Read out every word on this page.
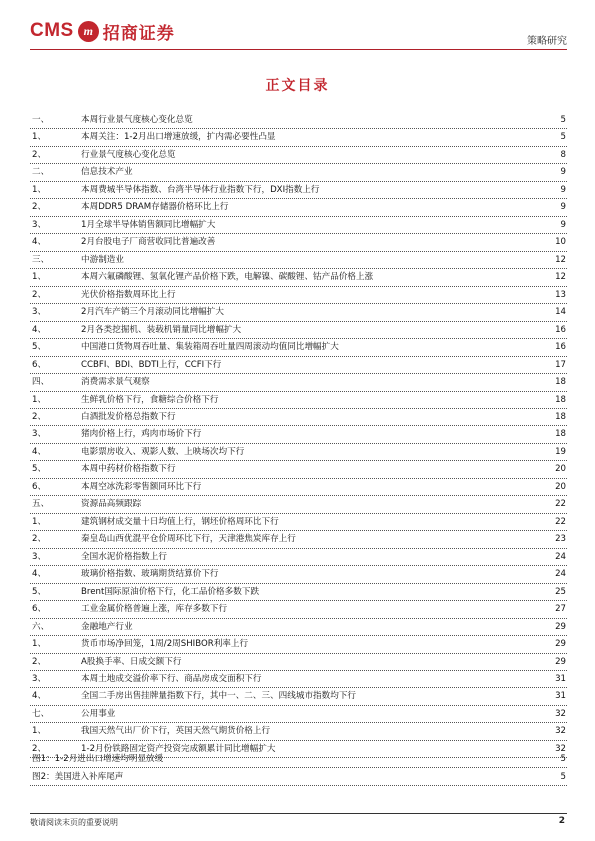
CMS m 招商证券	策略研究
正文目录
一、	本周行业景气度核心变化总览	5
1、	本周关注：1-2月出口增速放缓，扩内需必要性凸显	5
2、	行业景气度核心变化总览	8
二、	信息技术产业	9
1、	本周费城半导体指数、台湾半导体行业指数下行，DXI指数上行	9
2、	本周DDR5 DRAM存储器价格环比上行	9
3、	1月全球半导体销售额同比增幅扩大	9
4、	2月台股电子厂商营收同比普遍改善	10
三、	中游制造业	12
1、	本周六氟磷酸锂、氢氧化锂产品价格下跌，电解镍、碳酸锂、钴产品价格上涨	12
2、	光伏价格指数周环比上行	13
3、	2月汽车产销三个月滚动同比增幅扩大	14
4、	2月各类挖掘机、装载机销量同比增幅扩大	16
5、	中国港口货物周吞吐量、集装箱周吞吐量四周滚动均值同比增幅扩大	16
6、	CCBFI、BDI、BDTI上行，CCFI下行	17
四、	消费需求景气观察	18
1、	生鲜乳价格下行，食糖综合价格下行	18
2、	白酒批发价格总指数下行	18
3、	猪肉价格上行，鸡肉市场价下行	18
4、	电影票房收入、观影人数、上映场次均下行	19
5、	本周中药材价格指数下行	20
6、	本周空冰洗彩零售额同环比下行	20
五、	资源品高频跟踪	22
1、	建筑钢材成交量十日均值上行，钢坯价格周环比下行	22
2、	秦皇岛山西优混平仓价周环比下行，天津港焦炭库存上行	23
3、	全国水泥价格指数上行	24
4、	玻璃价格指数、玻璃期货结算价下行	24
5、	Brent国际原油价格下行，化工品价格多数下跌	25
6、	工业金属价格普遍上涨，库存多数下行	27
六、	金融地产行业	29
1、	货币市场净回笼，1周/2周SHIBOR利率上行	29
2、	A股换手率、日成交额下行	29
3、	本周土地成交溢价率下行、商品房成交面积下行	31
4、	全国二手房出售挂牌量指数下行，其中一、二、三、四线城市指数均下行	31
七、	公用事业	32
1、	我国天然气出厂价下行，英国天然气期货价格上行	32
2、	1-2月份铁路固定资产投资完成额累计同比增幅扩大	32
图1：1-2月进出口增速均明显放缓	5
图2：美国进入补库尾声	5
敬请阅读末页的重要说明	2
